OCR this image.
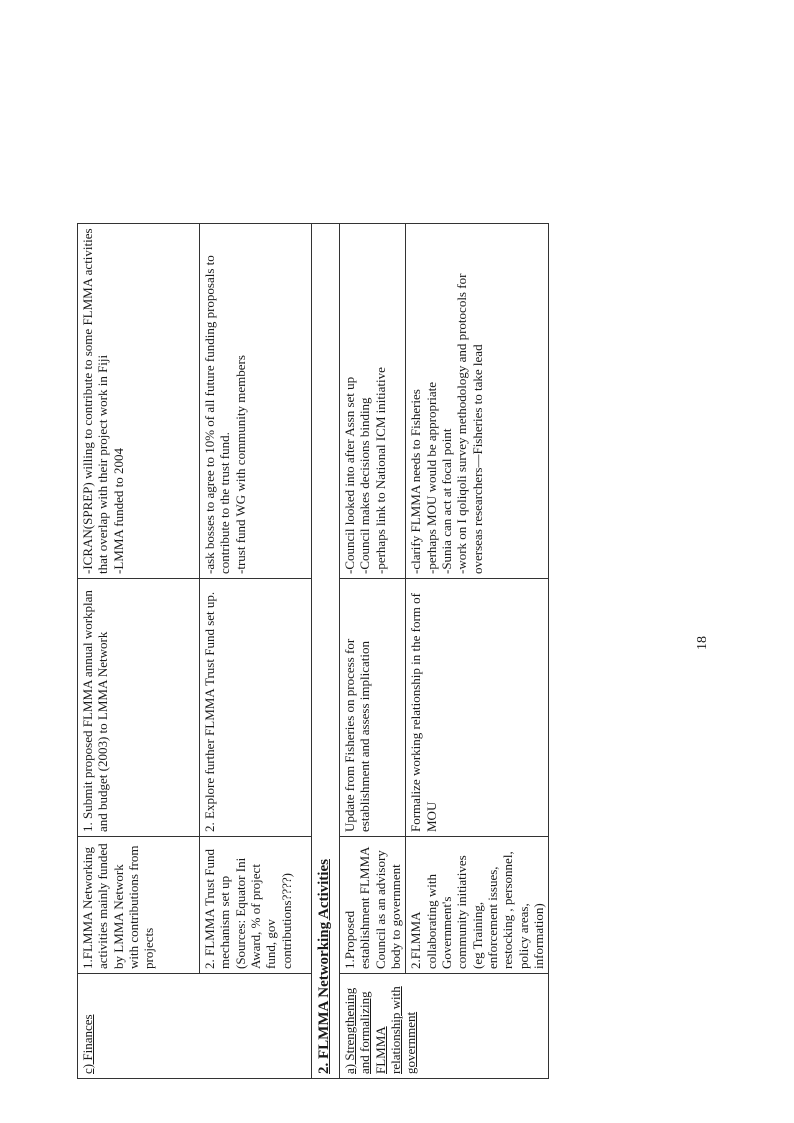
c) Finances	1.FLMMA Networking activities mainly funded by LMMA Network with contributions from projects	1. Submit proposed FLMMA annual workplan and budget (2003) to LMMA Network	-ICRAN(SPREP) willing to contribute to some FLMMA activities that overlap with their project work in Fiji -LMMA funded to 2004

	2. FLMMA Trust Fund mechanism set up (Sources: Equator Ini Award, % of project fund, gov contributions????)	2. Explore further FLMMA Trust Fund set up.	-ask bosses to agree to 10% of all future funding proposals to contribute to the trust fund. -trust fund WG with community members

2. FLMMA Networking Activities			
a) Strengthening and formalizing FLMMA relationship with government	1.Proposed establishment FLMMA Council as an advisory body to government	Update from Fisheries on process for establishment and assess implication	-Council looked into after Assn set up -Council makes decisions binding -perhaps link to National ICM initiative

	2.FLMMA collaborating with Government's community initiatives (eg Training, enforcement issues, restocking , personnel, policy areas, information)	Formalize working relationship in the form of MOU	-clarify FLMMA needs to Fisheries -perhaps MOU would be appropriate -Sunia can act at focal point -work on I qoliqoli survey methodology and protocols for overseas researchers—Fisheries to take lead
18
